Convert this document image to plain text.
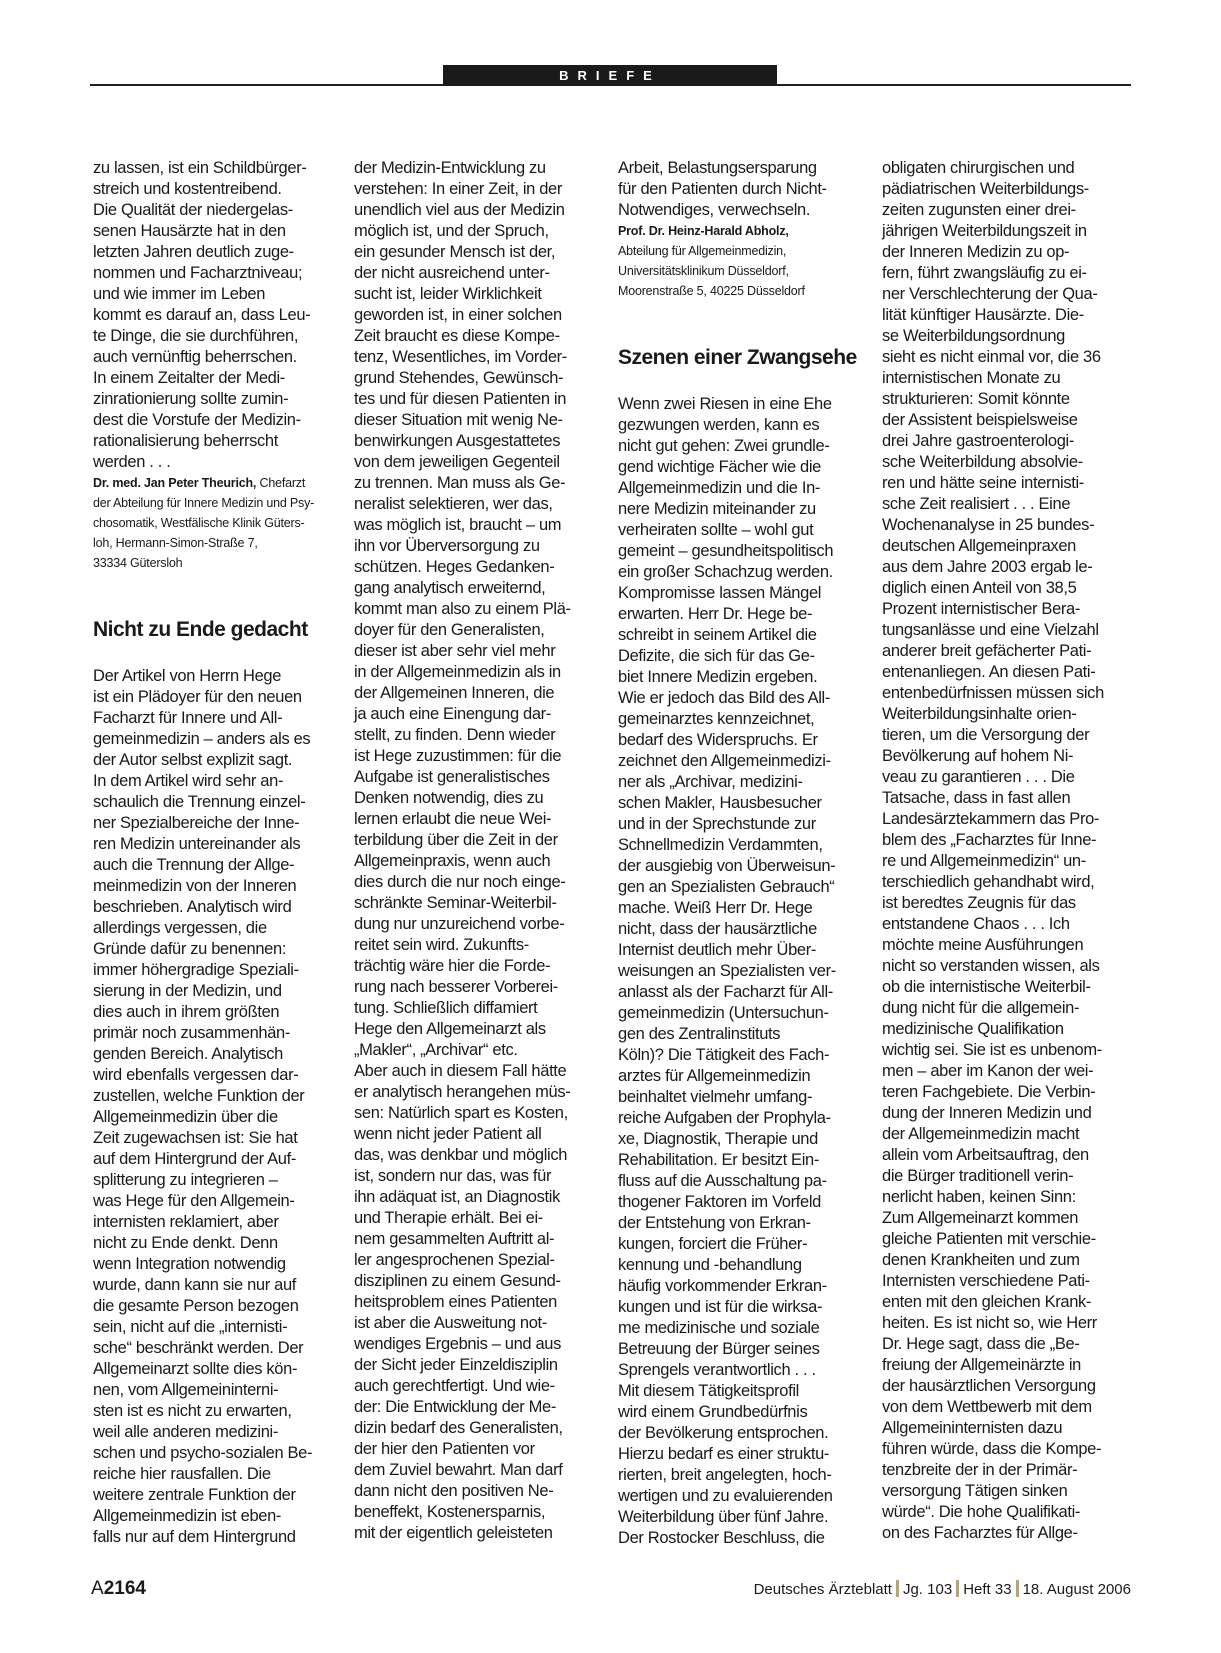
BRIEFE
zu lassen, ist ein Schildbürger-
streich und kostentreibend.
Die Qualität der niedergelas-
senen Hausärzte hat in den
letzten Jahren deutlich zuge-
nommen und Facharztniveau;
und wie immer im Leben
kommt es darauf an, dass Leu-
te Dinge, die sie durchführen,
auch vernünftig beherrschen.
In einem Zeitalter der Medi-
zinrationierung sollte zumin-
dest die Vorstufe der Medizin-
rationalisierung beherrscht
werden . . .
Dr. med. Jan Peter Theurich, Chefarzt
der Abteilung für Innere Medizin und Psy-
chosomatik, Westfälische Klinik Güters-
loh, Hermann-Simon-Straße 7,
33334 Gütersloh
Nicht zu Ende gedacht
Der Artikel von Herrn Hege
ist ein Plädoyer für den neuen
Facharzt für Innere und All-
gemeinmedizin – anders als es
der Autor selbst explizit sagt.
In dem Artikel wird sehr an-
schaulich die Trennung einzel-
ner Spezialbereiche der Inne-
ren Medizin untereinander als
auch die Trennung der Allge-
meinmedizin von der Inneren
beschrieben. Analytisch wird
allerdings vergessen, die
Gründe dafür zu benennen:
immer höhergradige Speziali-
sierung in der Medizin, und
dies auch in ihrem größten
primär noch zusammenhän-
genden Bereich. Analytisch
wird ebenfalls vergessen dar-
zustellen, welche Funktion der
Allgemeinmedizin über die
Zeit zugewachsen ist: Sie hat
auf dem Hintergrund der Auf-
splitterung zu integrieren –
was Hege für den Allgemein-
internisten reklamiert, aber
nicht zu Ende denkt. Denn
wenn Integration notwendig
wurde, dann kann sie nur auf
die gesamte Person bezogen
sein, nicht auf die „internisti-
sche“ beschränkt werden. Der
Allgemeinarzt sollte dies kön-
nen, vom Allgemeininterni-
sten ist es nicht zu erwarten,
weil alle anderen medizini-
schen und psycho-sozialen Be-
reiche hier rausfallen. Die
weitere zentrale Funktion der
Allgemeinmedizin ist eben-
falls nur auf dem Hintergrund
der Medizin-Entwicklung zu
verstehen: In einer Zeit, in der
unendlich viel aus der Medizin
möglich ist, und der Spruch,
ein gesunder Mensch ist der,
der nicht ausreichend unter-
sucht ist, leider Wirklichkeit
geworden ist, in einer solchen
Zeit braucht es diese Kompe-
tenz, Wesentliches, im Vorder-
grund Stehendes, Gewünsch-
tes und für diesen Patienten in
dieser Situation mit wenig Ne-
benwirkungen Ausgestattetes
von dem jeweiligen Gegenteil
zu trennen. Man muss als Ge-
neralist selektieren, wer das,
was möglich ist, braucht – um
ihn vor Überversorgung zu
schützen. Heges Gedanken-
gang analytisch erweiternd,
kommt man also zu einem Plä-
doyer für den Generalisten,
dieser ist aber sehr viel mehr
in der Allgemeinmedizin als in
der Allgemeinen Inneren, die
ja auch eine Einengung dar-
stellt, zu finden. Denn wieder
ist Hege zuzustimmen: für die
Aufgabe ist generalistisches
Denken notwendig, dies zu
lernen erlaubt die neue Wei-
terbildung über die Zeit in der
Allgemeinpraxis, wenn auch
dies durch die nur noch einge-
schränkte Seminar-Weiterbil-
dung nur unzureichend vorbe-
reitet sein wird. Zukunfts-
trächtig wäre hier die Forde-
rung nach besserer Vorberei-
tung. Schließlich diffamiert
Hege den Allgemeinarzt als
„Makler“, „Archivar“ etc.
Aber auch in diesem Fall hätte
er analytisch herangehen müs-
sen: Natürlich spart es Kosten,
wenn nicht jeder Patient all
das, was denkbar und möglich
ist, sondern nur das, was für
ihn adäquat ist, an Diagnostik
und Therapie erhält. Bei ei-
nem gesammelten Auftritt al-
ler angesprochenen Spezial-
disziplinen zu einem Gesund-
heitsproblem eines Patienten
ist aber die Ausweitung not-
wendiges Ergebnis – und aus
der Sicht jeder Einzeldisziplin
auch gerechtfertigt. Und wie-
der: Die Entwicklung der Me-
dizin bedarf des Generalisten,
der hier den Patienten vor
dem Zuviel bewahrt. Man darf
dann nicht den positiven Ne-
beneffekt, Kostenersparnis,
mit der eigentlich geleisteten
Arbeit, Belastungsersparung
für den Patienten durch Nicht-
Notwendiges, verwechseln.
Prof. Dr. Heinz-Harald Abholz,
Abteilung für Allgemeinmedizin,
Universitätsklinikum Düsseldorf,
Moorenstraße 5, 40225 Düsseldorf
Szenen einer Zwangsehe
Wenn zwei Riesen in eine Ehe
gezwungen werden, kann es
nicht gut gehen: Zwei grundle-
gend wichtige Fächer wie die
Allgemeinmedizin und die In-
nere Medizin miteinander zu
verheiraten sollte – wohl gut
gemeint – gesundheitspolitisch
ein großer Schachzug werden.
Kompromisse lassen Mängel
erwarten. Herr Dr. Hege be-
schreibt in seinem Artikel die
Defizite, die sich für das Ge-
biet Innere Medizin ergeben.
Wie er jedoch das Bild des All-
gemeinarztes kennzeichnet,
bedarf des Widerspruchs. Er
zeichnet den Allgemeinmedizi-
ner als „Archivar, medizini-
schen Makler, Hausbesucher
und in der Sprechstunde zur
Schnellmedizin Verdammten,
der ausgiebig von Überweisun-
gen an Spezialisten Gebrauch“
mache. Weiß Herr Dr. Hege
nicht, dass der hausärztliche
Internist deutlich mehr Über-
weisungen an Spezialisten ver-
anlasst als der Facharzt für All-
gemeinmedizin (Untersuchun-
gen des Zentralinstituts
Köln)? Die Tätigkeit des Fach-
arztes für Allgemeinmedizin
beinhaltet vielmehr umfang-
reiche Aufgaben der Prophyla-
xe, Diagnostik, Therapie und
Rehabilitation. Er besitzt Ein-
fluss auf die Ausschaltung pa-
thogener Faktoren im Vorfeld
der Entstehung von Erkran-
kungen, forciert die Früher-
kennung und -behandlung
häufig vorkommender Erkran-
kungen und ist für die wirksa-
me medizinische und soziale
Betreuung der Bürger seines
Sprengels verantwortlich . . .
Mit diesem Tätigkeitsprofil
wird einem Grundbedürfnis
der Bevölkerung entsprochen.
Hierzu bedarf es einer struktu-
rierten, breit angelegten, hoch-
wertigen und zu evaluierenden
Weiterbildung über fünf Jahre.
Der Rostocker Beschluss, die
obligaten chirurgischen und
pädiatrischen Weiterbildungs-
zeiten zugunsten einer drei-
jährigen Weiterbildungszeit in
der Inneren Medizin zu op-
fern, führt zwangsläufig zu ei-
ner Verschlechterung der Qua-
lität künftiger Hausärzte. Die-
se Weiterbildungsordnung
sieht es nicht einmal vor, die 36
internistischen Monate zu
strukturieren: Somit könnte
der Assistent beispielsweise
drei Jahre gastroenterologi-
sche Weiterbildung absolvie-
ren und hätte seine internisti-
sche Zeit realisiert . . . Eine
Wochenanalyse in 25 bundes-
deutschen Allgemeinpraxen
aus dem Jahre 2003 ergab le-
diglich einen Anteil von 38,5
Prozent internistischer Bera-
tungsanlässe und eine Vielzahl
anderer breit gefächerter Pati-
entenanliegen. An diesen Pati-
entenbedürfnissen müssen sich
Weiterbildungsinhalte orien-
tieren, um die Versorgung der
Bevölkerung auf hohem Ni-
veau zu garantieren . . . Die
Tatsache, dass in fast allen
Landesärztekammern das Pro-
blem des „Facharztes für Inne-
re und Allgemeinmedizin“ un-
terschiedlich gehandhabt wird,
ist beredtes Zeugnis für das
entstandene Chaos . . . Ich
möchte meine Ausführungen
nicht so verstanden wissen, als
ob die internistische Weiterbil-
dung nicht für die allgemein-
medizinische Qualifikation
wichtig sei. Sie ist es unbenom-
men – aber im Kanon der wei-
teren Fachgebiete. Die Verbin-
dung der Inneren Medizin und
der Allgemeinmedizin macht
allein vom Arbeitsauftrag, den
die Bürger traditionell verin-
nerlicht haben, keinen Sinn:
Zum Allgemeinarzt kommen
gleiche Patienten mit verschie-
denen Krankheiten und zum
Internisten verschiedene Pati-
enten mit den gleichen Krank-
heiten. Es ist nicht so, wie Herr
Dr. Hege sagt, dass die „Be-
freiung der Allgemeinärzte in
der hausärztlichen Versorgung
von dem Wettbewerb mit dem
Allgemeininternisten dazu
führen würde, dass die Kompe-
tenzbreite der in der Primär-
versorgung Tätigen sinken
würde“. Die hohe Qualifikati-
on des Facharztes für Allge-
A2164	Deutsches Ärzteblatt Jg. 103 Heft 33 18. August 2006
